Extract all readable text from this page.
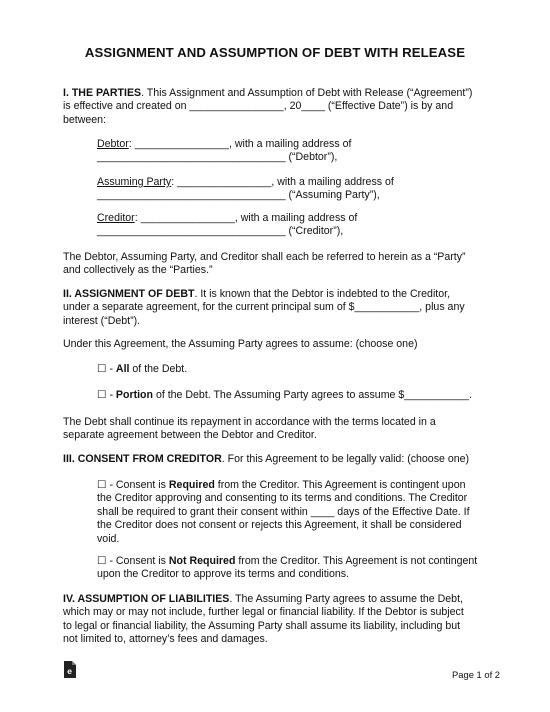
ASSIGNMENT AND ASSUMPTION OF DEBT WITH RELEASE
I. THE PARTIES. This Assignment and Assumption of Debt with Release (“Agreement”)
is effective and created on ________________, 20____ (“Effective Date”) is by and
between:
Debtor: ________________, with a mailing address of
________________________________ (“Debtor”),
Assuming Party: ________________, with a mailing address of
________________________________ (“Assuming Party”),
Creditor: ________________, with a mailing address of
________________________________ (“Creditor”),
The Debtor, Assuming Party, and Creditor shall each be referred to herein as a “Party”
and collectively as the “Parties.”
II. ASSIGNMENT OF DEBT. It is known that the Debtor is indebted to the Creditor,
under a separate agreement, for the current principal sum of $___________, plus any
interest (“Debt”).
Under this Agreement, the Assuming Party agrees to assume: (choose one)
☐ - All of the Debt.
☐ - Portion of the Debt. The Assuming Party agrees to assume $___________.
The Debt shall continue its repayment in accordance with the terms located in a
separate agreement between the Debtor and Creditor.
III. CONSENT FROM CREDITOR. For this Agreement to be legally valid: (choose one)
☐ - Consent is Required from the Creditor. This Agreement is contingent upon
the Creditor approving and consenting to its terms and conditions. The Creditor
shall be required to grant their consent within ____ days of the Effective Date. If
the Creditor does not consent or rejects this Agreement, it shall be considered
void.
☐ - Consent is Not Required from the Creditor. This Agreement is not contingent
upon the Creditor to approve its terms and conditions.
IV. ASSUMPTION OF LIABILITIES. The Assuming Party agrees to assume the Debt,
which may or may not include, further legal or financial liability. If the Debtor is subject
to legal or financial liability, the Assuming Party shall assume its liability, including but
not limited to, attorney’s fees and damages.
e	Page 1 of 2
